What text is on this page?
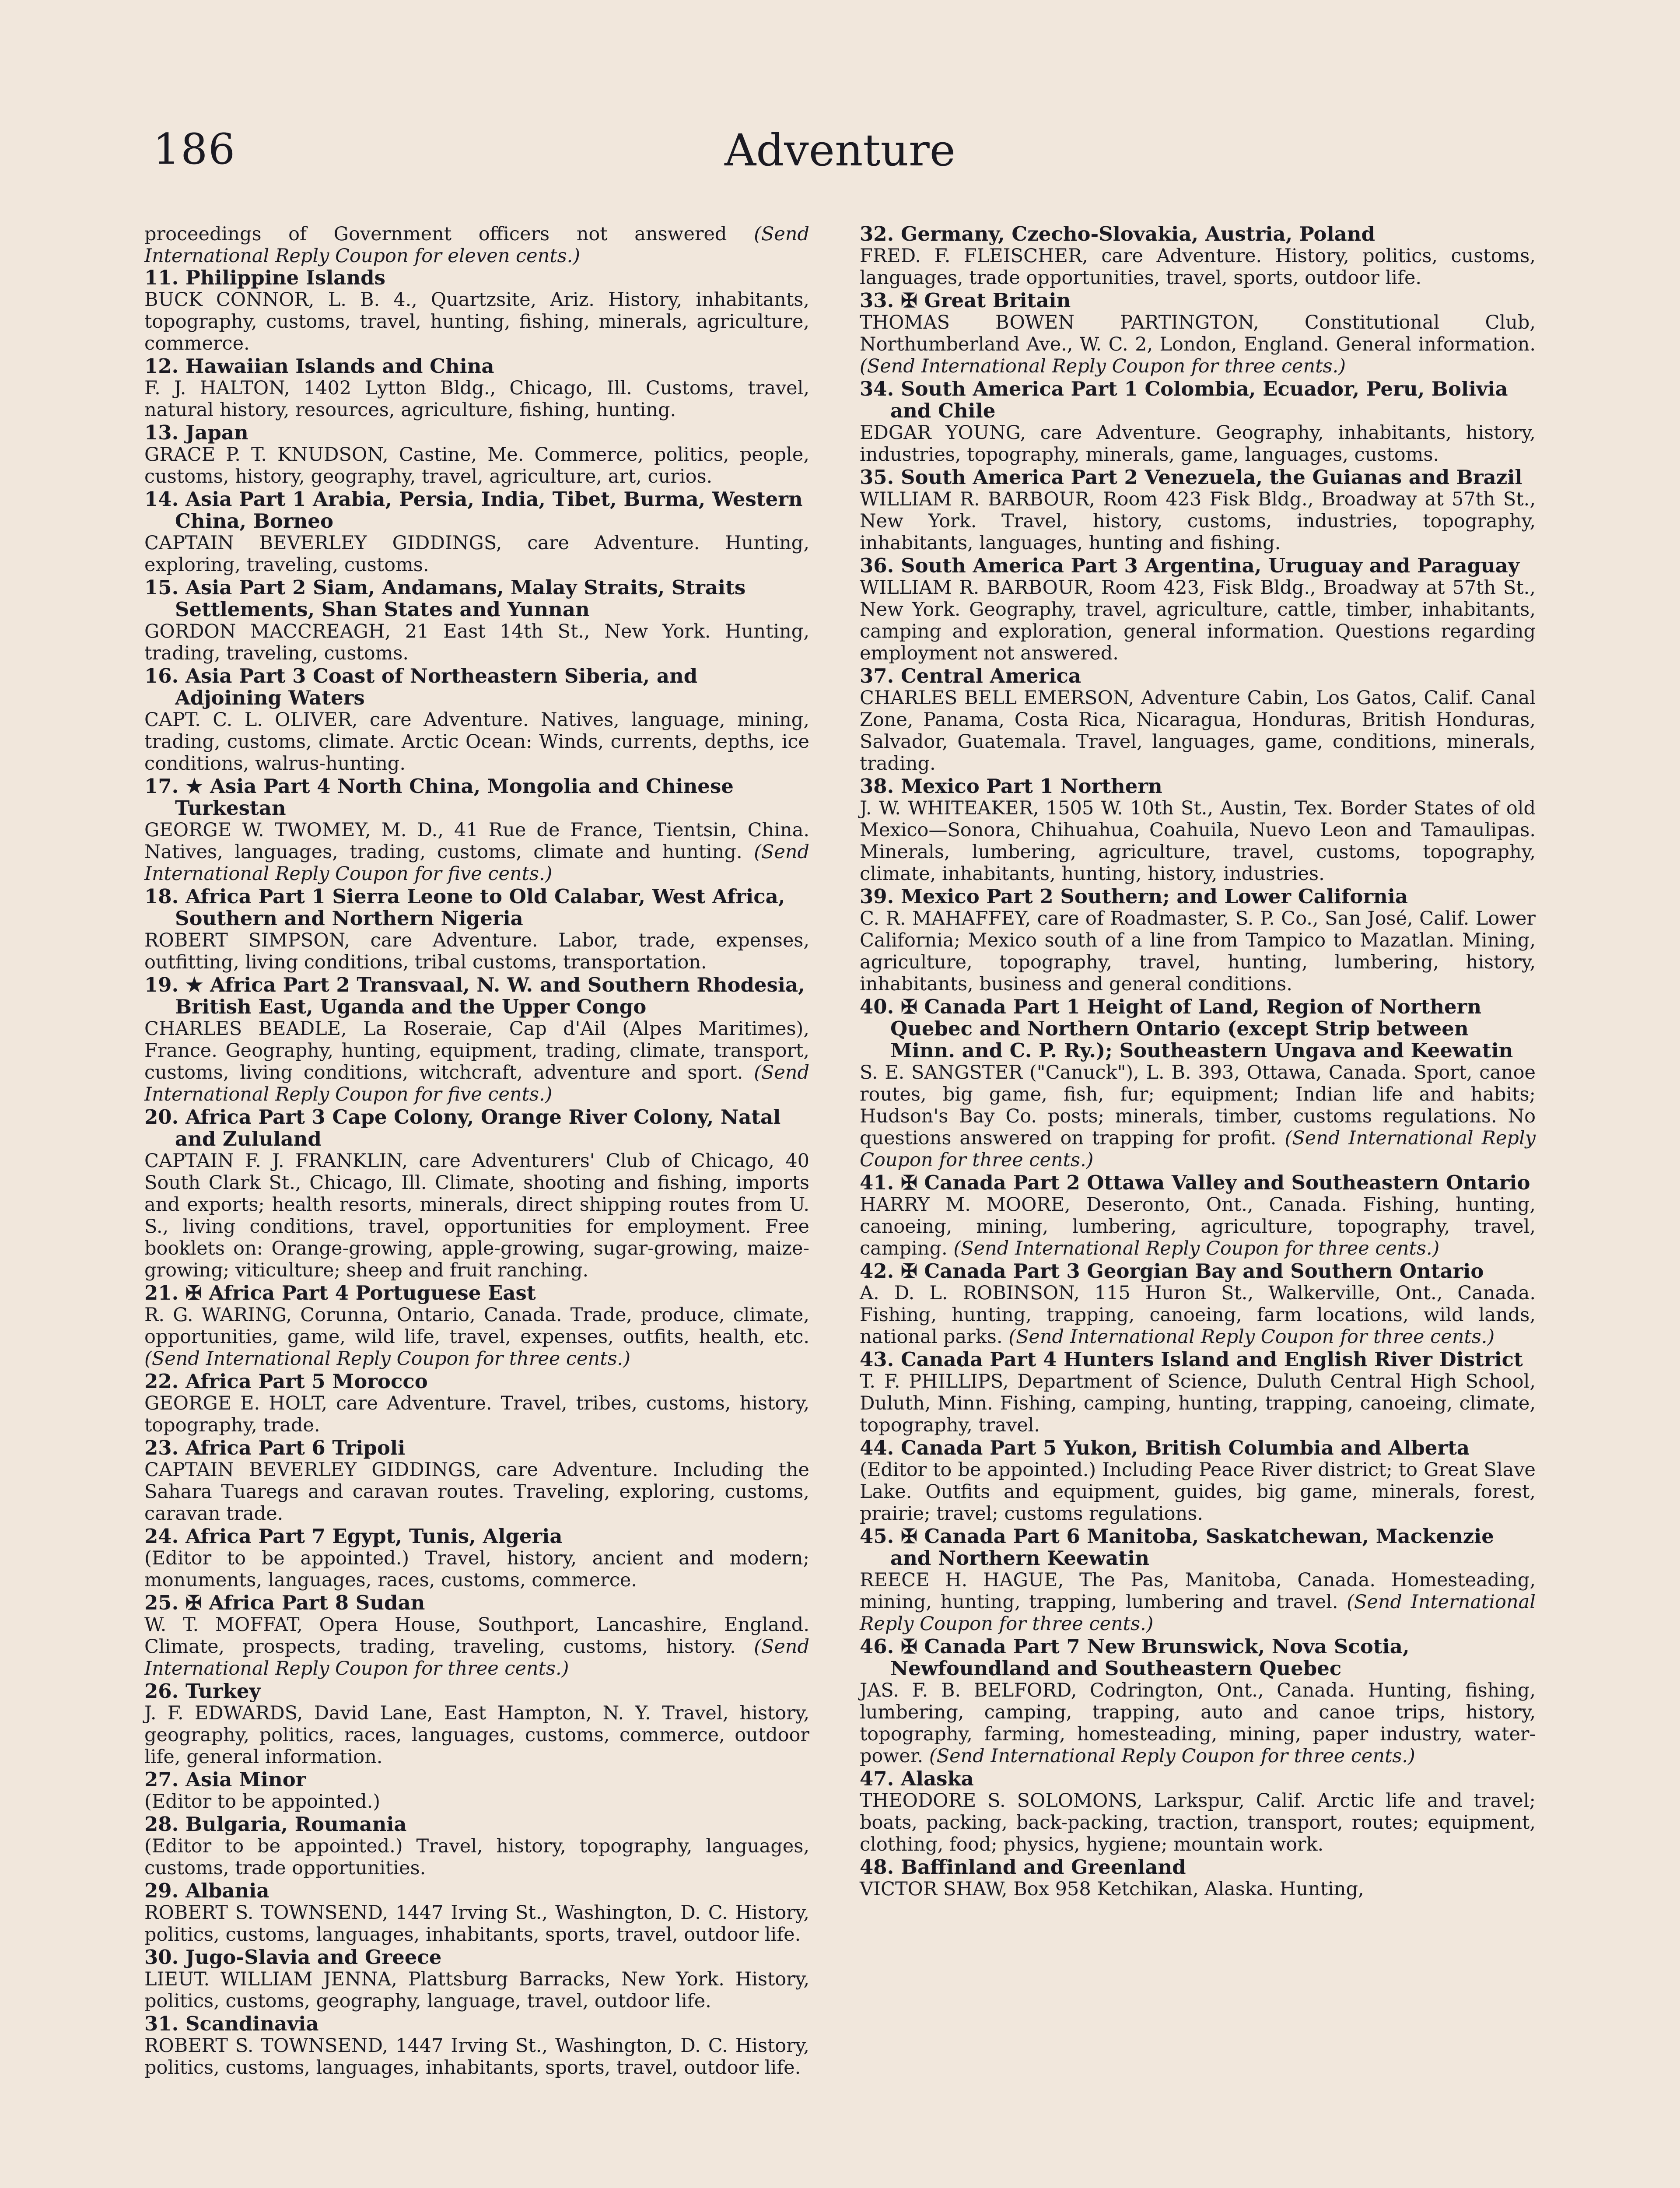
186	Adventure
proceedings of Government officers not answered (Send International Reply Coupon for eleven cents.)
11. Philippine Islands
BUCK CONNOR, L. B. 4., Quartzsite, Ariz. History, inhabitants, topography, customs, travel, hunting, fishing, minerals, agriculture, commerce.
12. Hawaiian Islands and China
F. J. HALTON, 1402 Lytton Bldg., Chicago, Ill. Customs, travel, natural history, resources, agriculture, fishing, hunting.
13. Japan
GRACE P. T. KNUDSON, Castine, Me. Commerce, politics, people, customs, history, geography, travel, agriculture, art, curios.
14. Asia Part 1 Arabia, Persia, India, Tibet, Burma, Western China, Borneo
CAPTAIN BEVERLEY GIDDINGS, care Adventure. Hunting, exploring, traveling, customs.
15. Asia Part 2 Siam, Andamans, Malay Straits, Straits Settlements, Shan States and Yunnan
GORDON MACCREAGH, 21 East 14th St., New York. Hunting, trading, traveling, customs.
16. Asia Part 3 Coast of Northeastern Siberia, and Adjoining Waters
CAPT. C. L. OLIVER, care Adventure. Natives, language, mining, trading, customs, climate. Arctic Ocean: Winds, currents, depths, ice conditions, walrus-hunting.
17. ★ Asia Part 4 North China, Mongolia and Chinese Turkestan
GEORGE W. TWOMEY, M. D., 41 Rue de France, Tientsin, China. Natives, languages, trading, customs, climate and hunting. (Send International Reply Coupon for five cents.)
18. Africa Part 1 Sierra Leone to Old Calabar, West Africa, Southern and Northern Nigeria
ROBERT SIMPSON, care Adventure. Labor, trade, expenses, outfitting, living conditions, tribal customs, transportation.
19. ★ Africa Part 2 Transvaal, N. W. and Southern Rhodesia, British East, Uganda and the Upper Congo
CHARLES BEADLE, La Roseraie, Cap d'Ail (Alpes Maritimes), France. Geography, hunting, equipment, trading, climate, transport, customs, living conditions, witchcraft, adventure and sport. (Send International Reply Coupon for five cents.)
20. Africa Part 3 Cape Colony, Orange River Colony, Natal and Zululand
CAPTAIN F. J. FRANKLIN, care Adventurers' Club of Chicago, 40 South Clark St., Chicago, Ill. Climate, shooting and fishing, imports and exports; health resorts, minerals, direct shipping routes from U. S., living conditions, travel, opportunities for employment. Free booklets on: Orange-growing, apple-growing, sugar-growing, maize-growing; viticulture; sheep and fruit ranching.
21. ✠ Africa Part 4 Portuguese East
R. G. WARING, Corunna, Ontario, Canada. Trade, produce, climate, opportunities, game, wild life, travel, expenses, outfits, health, etc. (Send International Reply Coupon for three cents.)
22. Africa Part 5 Morocco
GEORGE E. HOLT, care Adventure. Travel, tribes, customs, history, topography, trade.
23. Africa Part 6 Tripoli
CAPTAIN BEVERLEY GIDDINGS, care Adventure. Including the Sahara Tuaregs and caravan routes. Traveling, exploring, customs, caravan trade.
24. Africa Part 7 Egypt, Tunis, Algeria
(Editor to be appointed.) Travel, history, ancient and modern; monuments, languages, races, customs, commerce.
25. ✠ Africa Part 8 Sudan
W. T. MOFFAT, Opera House, Southport, Lancashire, England. Climate, prospects, trading, traveling, customs, history. (Send International Reply Coupon for three cents.)
26. Turkey
J. F. EDWARDS, David Lane, East Hampton, N. Y. Travel, history, geography, politics, races, languages, customs, commerce, outdoor life, general information.
27. Asia Minor
(Editor to be appointed.)
28. Bulgaria, Roumania
(Editor to be appointed.) Travel, history, topography, languages, customs, trade opportunities.
29. Albania
ROBERT S. TOWNSEND, 1447 Irving St., Washington, D. C. History, politics, customs, languages, inhabitants, sports, travel, outdoor life.
30. Jugo-Slavia and Greece
LIEUT. WILLIAM JENNA, Plattsburg Barracks, New York. History, politics, customs, geography, language, travel, outdoor life.
31. Scandinavia
ROBERT S. TOWNSEND, 1447 Irving St., Washington, D. C. History, politics, customs, languages, inhabitants, sports, travel, outdoor life.
32. Germany, Czecho-Slovakia, Austria, Poland
FRED. F. FLEISCHER, care Adventure. History, politics, customs, languages, trade opportunities, travel, sports, outdoor life.
33. ✠ Great Britain
THOMAS BOWEN PARTINGTON, Constitutional Club, Northumberland Ave., W. C. 2, London, England. General information. (Send International Reply Coupon for three cents.)
34. South America Part 1 Colombia, Ecuador, Peru, Bolivia and Chile
EDGAR YOUNG, care Adventure. Geography, inhabitants, history, industries, topography, minerals, game, languages, customs.
35. South America Part 2 Venezuela, the Guianas and Brazil
WILLIAM R. BARBOUR, Room 423 Fisk Bldg., Broadway at 57th St., New York. Travel, history, customs, industries, topography, inhabitants, languages, hunting and fishing.
36. South America Part 3 Argentina, Uruguay and Paraguay
WILLIAM R. BARBOUR, Room 423, Fisk Bldg., Broadway at 57th St., New York. Geography, travel, agriculture, cattle, timber, inhabitants, camping and exploration, general information. Questions regarding employment not answered.
37. Central America
CHARLES BELL EMERSON, Adventure Cabin, Los Gatos, Calif. Canal Zone, Panama, Costa Rica, Nicaragua, Honduras, British Honduras, Salvador, Guatemala. Travel, languages, game, conditions, minerals, trading.
38. Mexico Part 1 Northern
J. W. WHITEAKER, 1505 W. 10th St., Austin, Tex. Border States of old Mexico—Sonora, Chihuahua, Coahuila, Nuevo Leon and Tamaulipas. Minerals, lumbering, agriculture, travel, customs, topography, climate, inhabitants, hunting, history, industries.
39. Mexico Part 2 Southern; and Lower California
C. R. MAHAFFEY, care of Roadmaster, S. P. Co., San José, Calif. Lower California; Mexico south of a line from Tampico to Mazatlan. Mining, agriculture, topography, travel, hunting, lumbering, history, inhabitants, business and general conditions.
40. ✠ Canada Part 1 Height of Land, Region of Northern Quebec and Northern Ontario (except Strip between Minn. and C. P. Ry.); Southeastern Ungava and Keewatin
S. E. SANGSTER ("Canuck"), L. B. 393, Ottawa, Canada. Sport, canoe routes, big game, fish, fur; equipment; Indian life and habits; Hudson's Bay Co. posts; minerals, timber, customs regulations. No questions answered on trapping for profit. (Send International Reply Coupon for three cents.)
41. ✠ Canada Part 2 Ottawa Valley and Southeastern Ontario
HARRY M. MOORE, Deseronto, Ont., Canada. Fishing, hunting, canoeing, mining, lumbering, agriculture, topography, travel, camping. (Send International Reply Coupon for three cents.)
42. ✠ Canada Part 3 Georgian Bay and Southern Ontario
A. D. L. ROBINSON, 115 Huron St., Walkerville, Ont., Canada. Fishing, hunting, trapping, canoeing, farm locations, wild lands, national parks. (Send International Reply Coupon for three cents.)
43. Canada Part 4 Hunters Island and English River District
T. F. PHILLIPS, Department of Science, Duluth Central High School, Duluth, Minn. Fishing, camping, hunting, trapping, canoeing, climate, topography, travel.
44. Canada Part 5 Yukon, British Columbia and Alberta
(Editor to be appointed.) Including Peace River district; to Great Slave Lake. Outfits and equipment, guides, big game, minerals, forest, prairie; travel; customs regulations.
45. ✠ Canada Part 6 Manitoba, Saskatchewan, Mackenzie and Northern Keewatin
REECE H. HAGUE, The Pas, Manitoba, Canada. Homesteading, mining, hunting, trapping, lumbering and travel. (Send International Reply Coupon for three cents.)
46. ✠ Canada Part 7 New Brunswick, Nova Scotia, Newfoundland and Southeastern Quebec
JAS. F. B. BELFORD, Codrington, Ont., Canada. Hunting, fishing, lumbering, camping, trapping, auto and canoe trips, history, topography, farming, homesteading, mining, paper industry, water-power. (Send International Reply Coupon for three cents.)
47. Alaska
THEODORE S. SOLOMONS, Larkspur, Calif. Arctic life and travel; boats, packing, back-packing, traction, transport, routes; equipment, clothing, food; physics, hygiene; mountain work.
48. Baffinland and Greenland
VICTOR SHAW, Box 958 Ketchikan, Alaska. Hunting,
